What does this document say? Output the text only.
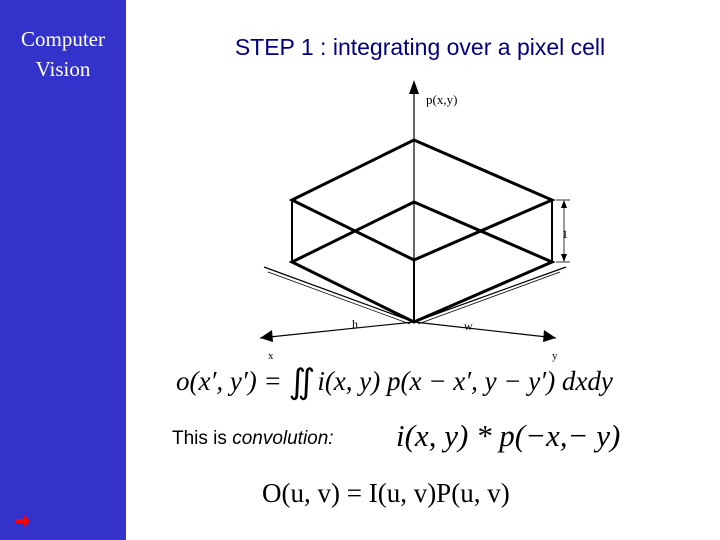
Computer
Vision
STEP 1 : integrating over a pixel cell
p(x,y)
x	y
h	w
1
o(x′, y′) = ∬ i(x, y) p(x − x′, y − y′) dxdy
This is convolution: i(x, y) * p(−x,− y)
O(u, v) = I(u, v)P(u, v)
